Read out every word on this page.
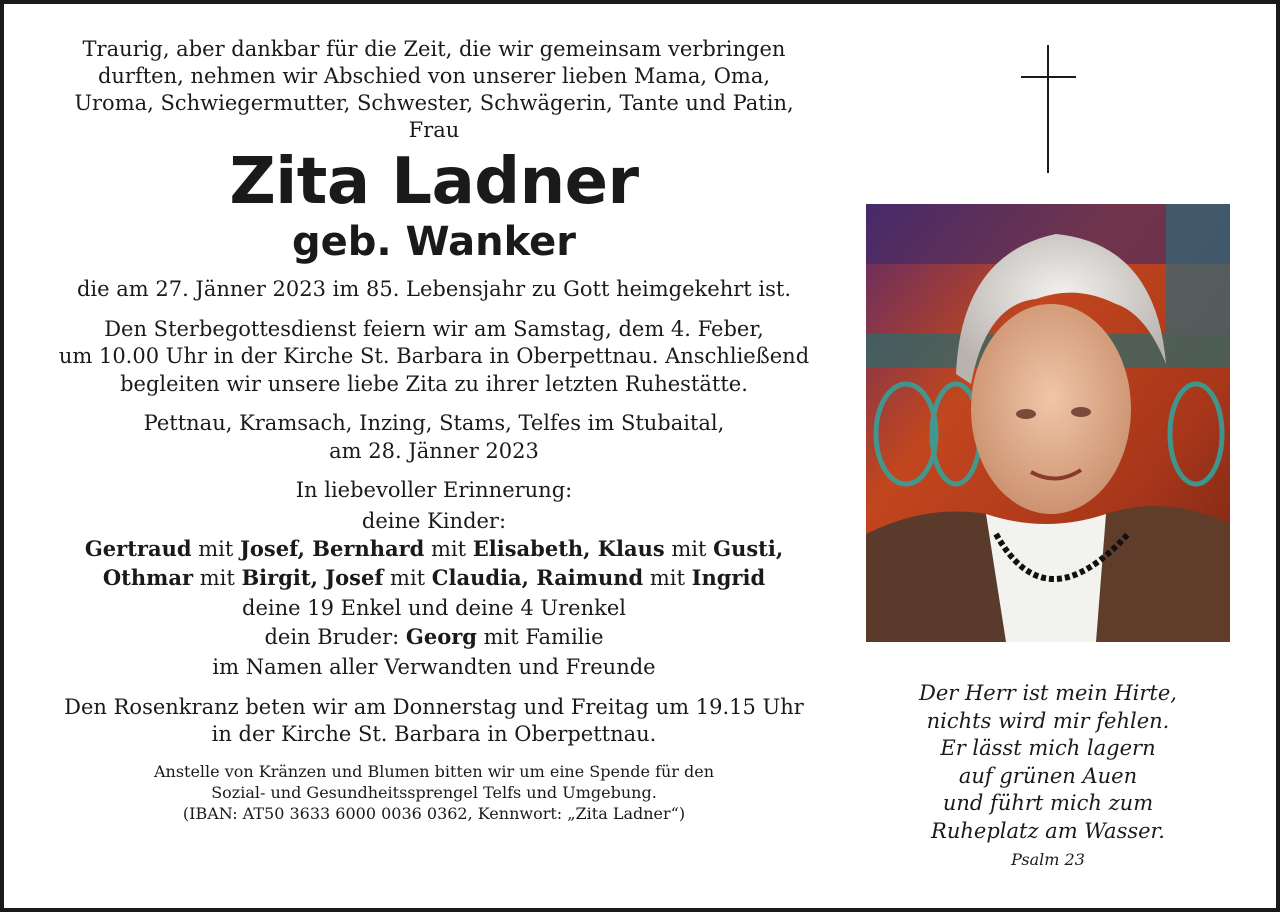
Traurig, aber dankbar für die Zeit, die wir gemeinsam verbringen
durften, nehmen wir Abschied von unserer lieben Mama, Oma,
Uroma, Schwiegermutter, Schwester, Schwägerin, Tante und Patin,
Frau
Zita Ladner
geb. Wanker
die am 27. Jänner 2023 im 85. Lebensjahr zu Gott heimgekehrt ist.
Den Sterbegottesdienst feiern wir am Samstag, dem 4. Feber,
um 10.00 Uhr in der Kirche St. Barbara in Oberpettnau. Anschließend
begleiten wir unsere liebe Zita zu ihrer letzten Ruhestätte.
Pettnau, Kramsach, Inzing, Stams, Telfes im Stubaital,
am 28. Jänner 2023
In liebevoller Erinnerung:
deine Kinder:
Gertraud mit Josef, Bernhard mit Elisabeth, Klaus mit Gusti,
Othmar mit Birgit, Josef mit Claudia, Raimund mit Ingrid
deine 19 Enkel und deine 4 Urenkel
dein Bruder: Georg mit Familie
im Namen aller Verwandten und Freunde
Den Rosenkranz beten wir am Donnerstag und Freitag um 19.15 Uhr
in der Kirche St. Barbara in Oberpettnau.
Anstelle von Kränzen und Blumen bitten wir um eine Spende für den
Sozial- und Gesundheitssprengel Telfs und Umgebung.
(IBAN: AT50 3633 6000 0036 0362, Kennwort: „Zita Ladner“)
Der Herr ist mein Hirte,
nichts wird mir fehlen.
Er lässt mich lagern
auf grünen Auen
und führt mich zum
Ruheplatz am Wasser.
Psalm 23
